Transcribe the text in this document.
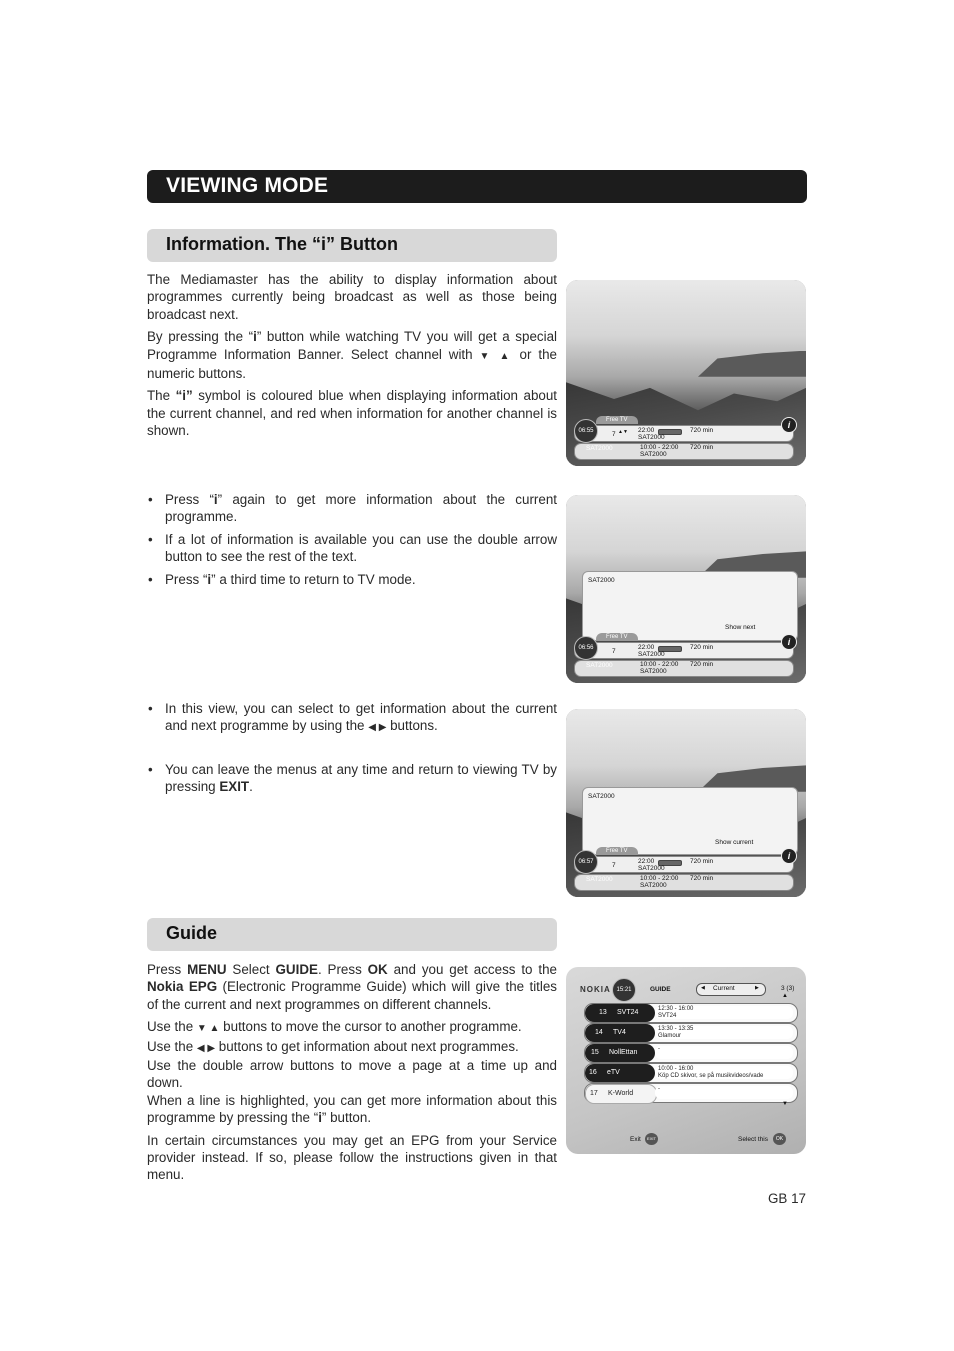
VIEWING MODE
Information. The “i” Button

The Mediamaster has the ability to display information about programmes currently being broadcast as well as those being broadcast next.

By pressing the “i” button while watching TV you will get a special Programme Information Banner. Select channel with ▼ ▲ or the numeric buttons.

The “i” symbol is coloured blue when displaying information about the current channel, and red when information for another channel is shown.

• Press “i” again to get more information about the current programme.
• If a lot of information is available you can use the double arrow button to see the rest of the text.
• Press “i” a third time to return to TV mode.
• In this view, you can select to get information about the current and next programme by using the ◀ ▶ buttons.
• You can leave the menus at any time and return to viewing TV by pressing EXIT.
Free TV
06:55	7 ▲▼ 22:00	720 min
SAT2000
SAT2000	10:00 - 22:00 720 min
SAT2000
i
SAT2000
Show next
Free TV
06:56	7
22:00	720 min
SAT2000
SAT2000	10:00 - 22:00 720 min
SAT2000
i
SAT2000
Show current
Free TV
06:57	7
22:00	720 min
SAT2000
SAT2000	10:00 - 22:00 720 min
SAT2000
i
Guide

Press MENU Select GUIDE. Press OK and you get access to the Nokia EPG (Electronic Programme Guide) which will give the titles of the current and next programmes on different channels.

Use the ▼ ▲ buttons to move the cursor to another programme.
Use the ◀ ▶ buttons to get information about next programmes.
Use the double arrow buttons to move a page at a time up and down.
When a line is highlighted, you can get more information about this programme by pressing the “i” button.

In certain circumstances you may get an EPG from your Service provider instead. If so, please follow the instructions given in that menu.

NOKIA 15:21	GUIDE	◀ Current	▶	3 (3)
▲
13 SVT24	12:30 - 16:00
SVT24
14 TV4	13:30 - 13:35
Glamour
15 NollEttan	-
16 eTV	10:00 - 16:00
Köp CD skivor, se på musikvideos/vade
17 K-World
-
▼
Exit	EXIT	Select this	OK
GB 17
